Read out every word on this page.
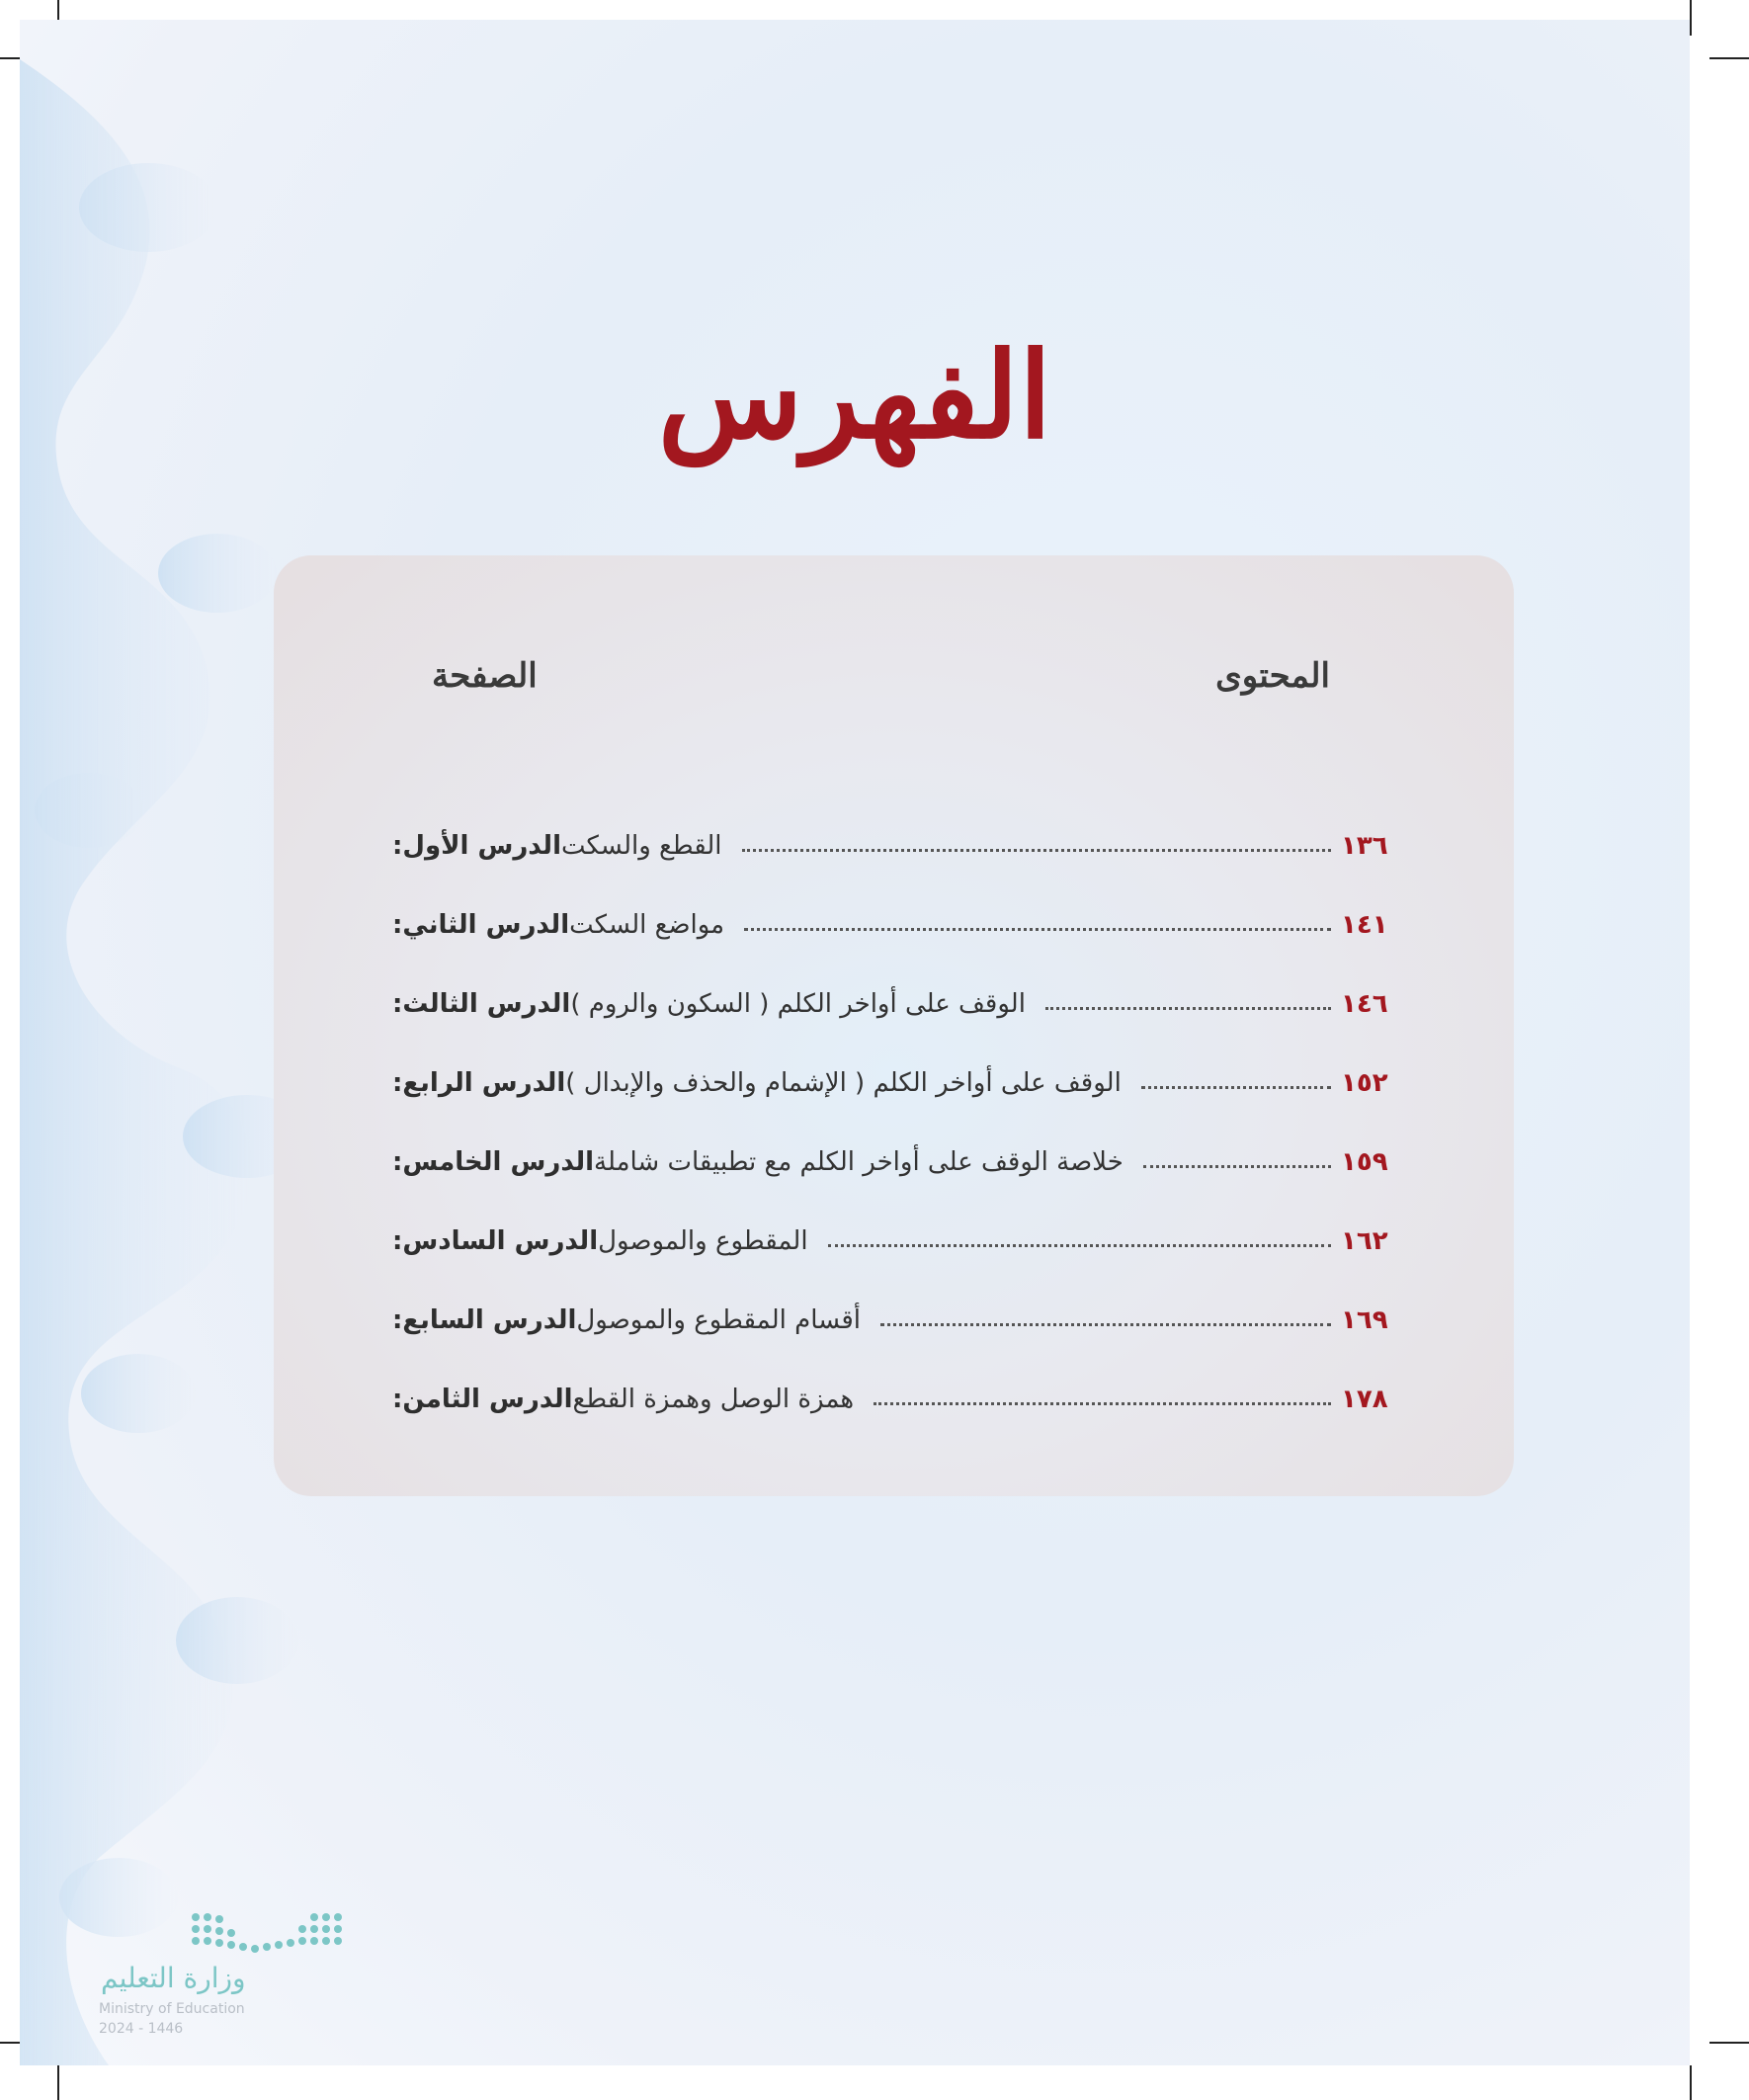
الفهرس
المحتوى
الصفحة
الدرس الأول: القطع والسكت	١٣٦
الدرس الثاني: مواضع السكت	١٤١
الدرس الثالث: الوقف على أواخر الكلم ( السكون والروم )	١٤٦
الدرس الرابع: الوقف على أواخر الكلم ( الإشمام والحذف والإبدال )	١٥٢
الدرس الخامس: خلاصة الوقف على أواخر الكلم مع تطبيقات شاملة	١٥٩
الدرس السادس: المقطوع والموصول	١٦٢
الدرس السابع: أقسام المقطوع والموصول	١٦٩
الدرس الثامن: همزة الوصل وهمزة القطع	١٧٨
وزارة التعليم
Ministry of Education
2024 - 1446
